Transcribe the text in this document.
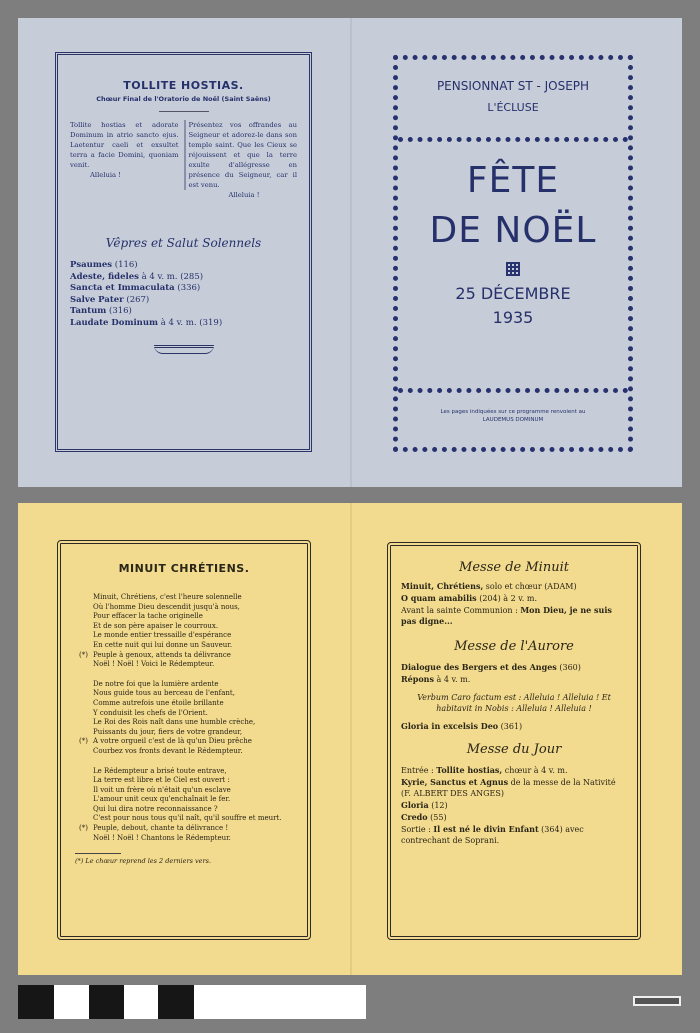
TOLLITE HOSTIAS.
Chœur Final de l'Oratorio de Noël (Saint Saëns)
Tollite hostias et adorate Dominum in atrio sancto ejus. Laetentur caeli et exsultet terra a facie Domini, quoniam venit.
Alleluia !
Présentez vos offrandes au Seigneur et adorez-le dans son temple saint. Que les Cieux se réjouissent et que la terre exulte d'allégresse en présence du Seigneur, car il est venu.
Alleluia !
Vêpres et Salut Solennels
Psaumes (116)
Adeste, fideles à 4 v. m. (285)
Sancta et Immaculata (336)
Salve Pater (267)
Tantum (316)
Laudate Dominum à 4 v. m. (319)
PENSIONNAT ST - JOSEPH
L'ÉCLUSE
FÊTE
DE NOËL
25 DÉCEMBRE
1935
Les pages indiquées sur ce programme renvoient au
LAUDEMUS DOMINUM
MINUIT CHRÉTIENS.
Minuit, Chrétiens, c'est l'heure solennelle
Où l'homme Dieu descendit jusqu'à nous,
Pour effacer la tache originelle
Et de son père apaiser le courroux.
Le monde entier tressaille d'espérance
En cette nuit qui lui donne un Sauveur.
(*) Peuple à genoux, attends ta délivrance
Noël ! Noël ! Voici le Rédempteur.
De notre foi que la lumière ardente
Nous guide tous au berceau de l'enfant,
Comme autrefois une étoile brillante
Y conduisit les chefs de l'Orient.
Le Roi des Rois naît dans une humble crèche,
Puissants du jour, fiers de votre grandeur,
(*) A votre orgueil c'est de là qu'un Dieu prêche
Courbez vos fronts devant le Rédempteur.
Le Rédempteur a brisé toute entrave,
La terre est libre et le Ciel est ouvert :
Il voit un frère où n'était qu'un esclave
L'amour unit ceux qu'enchaînait le fer.
Qui lui dira notre reconnaissance ?
C'est pour nous tous qu'il naît, qu'il souffre et meurt.
(*) Peuple, debout, chante ta délivrance !
Noël ! Noël ! Chantons le Rédempteur.
(*) Le chœur reprend les 2 derniers vers.
Messe de Minuit

Minuit, Chrétiens, solo et chœur (ADAM)

O quam amabilis (204) à 2 v. m.

Avant la sainte Communion : Mon Dieu, je ne suis pas digne...

Messe de l'Aurore

Dialogue des Bergers et des Anges (360)

Répons à 4 v. m.

Verbum Caro factum est : Alleluia ! Alleluia ! Et habitavit in Nobis : Alleluia ! Alleluia !
Gloria in excelsis Deo (361)
Messe du Jour

Entrée : Tollite hostias, chœur à 4 v. m.

Kyrie, Sanctus et Agnus de la messe de la Nativité (F. ALBERT DES ANGES)

Gloria (12)

Credo (55)

Sortie : Il est né le divin Enfant (364) avec contrechant de Soprani.
